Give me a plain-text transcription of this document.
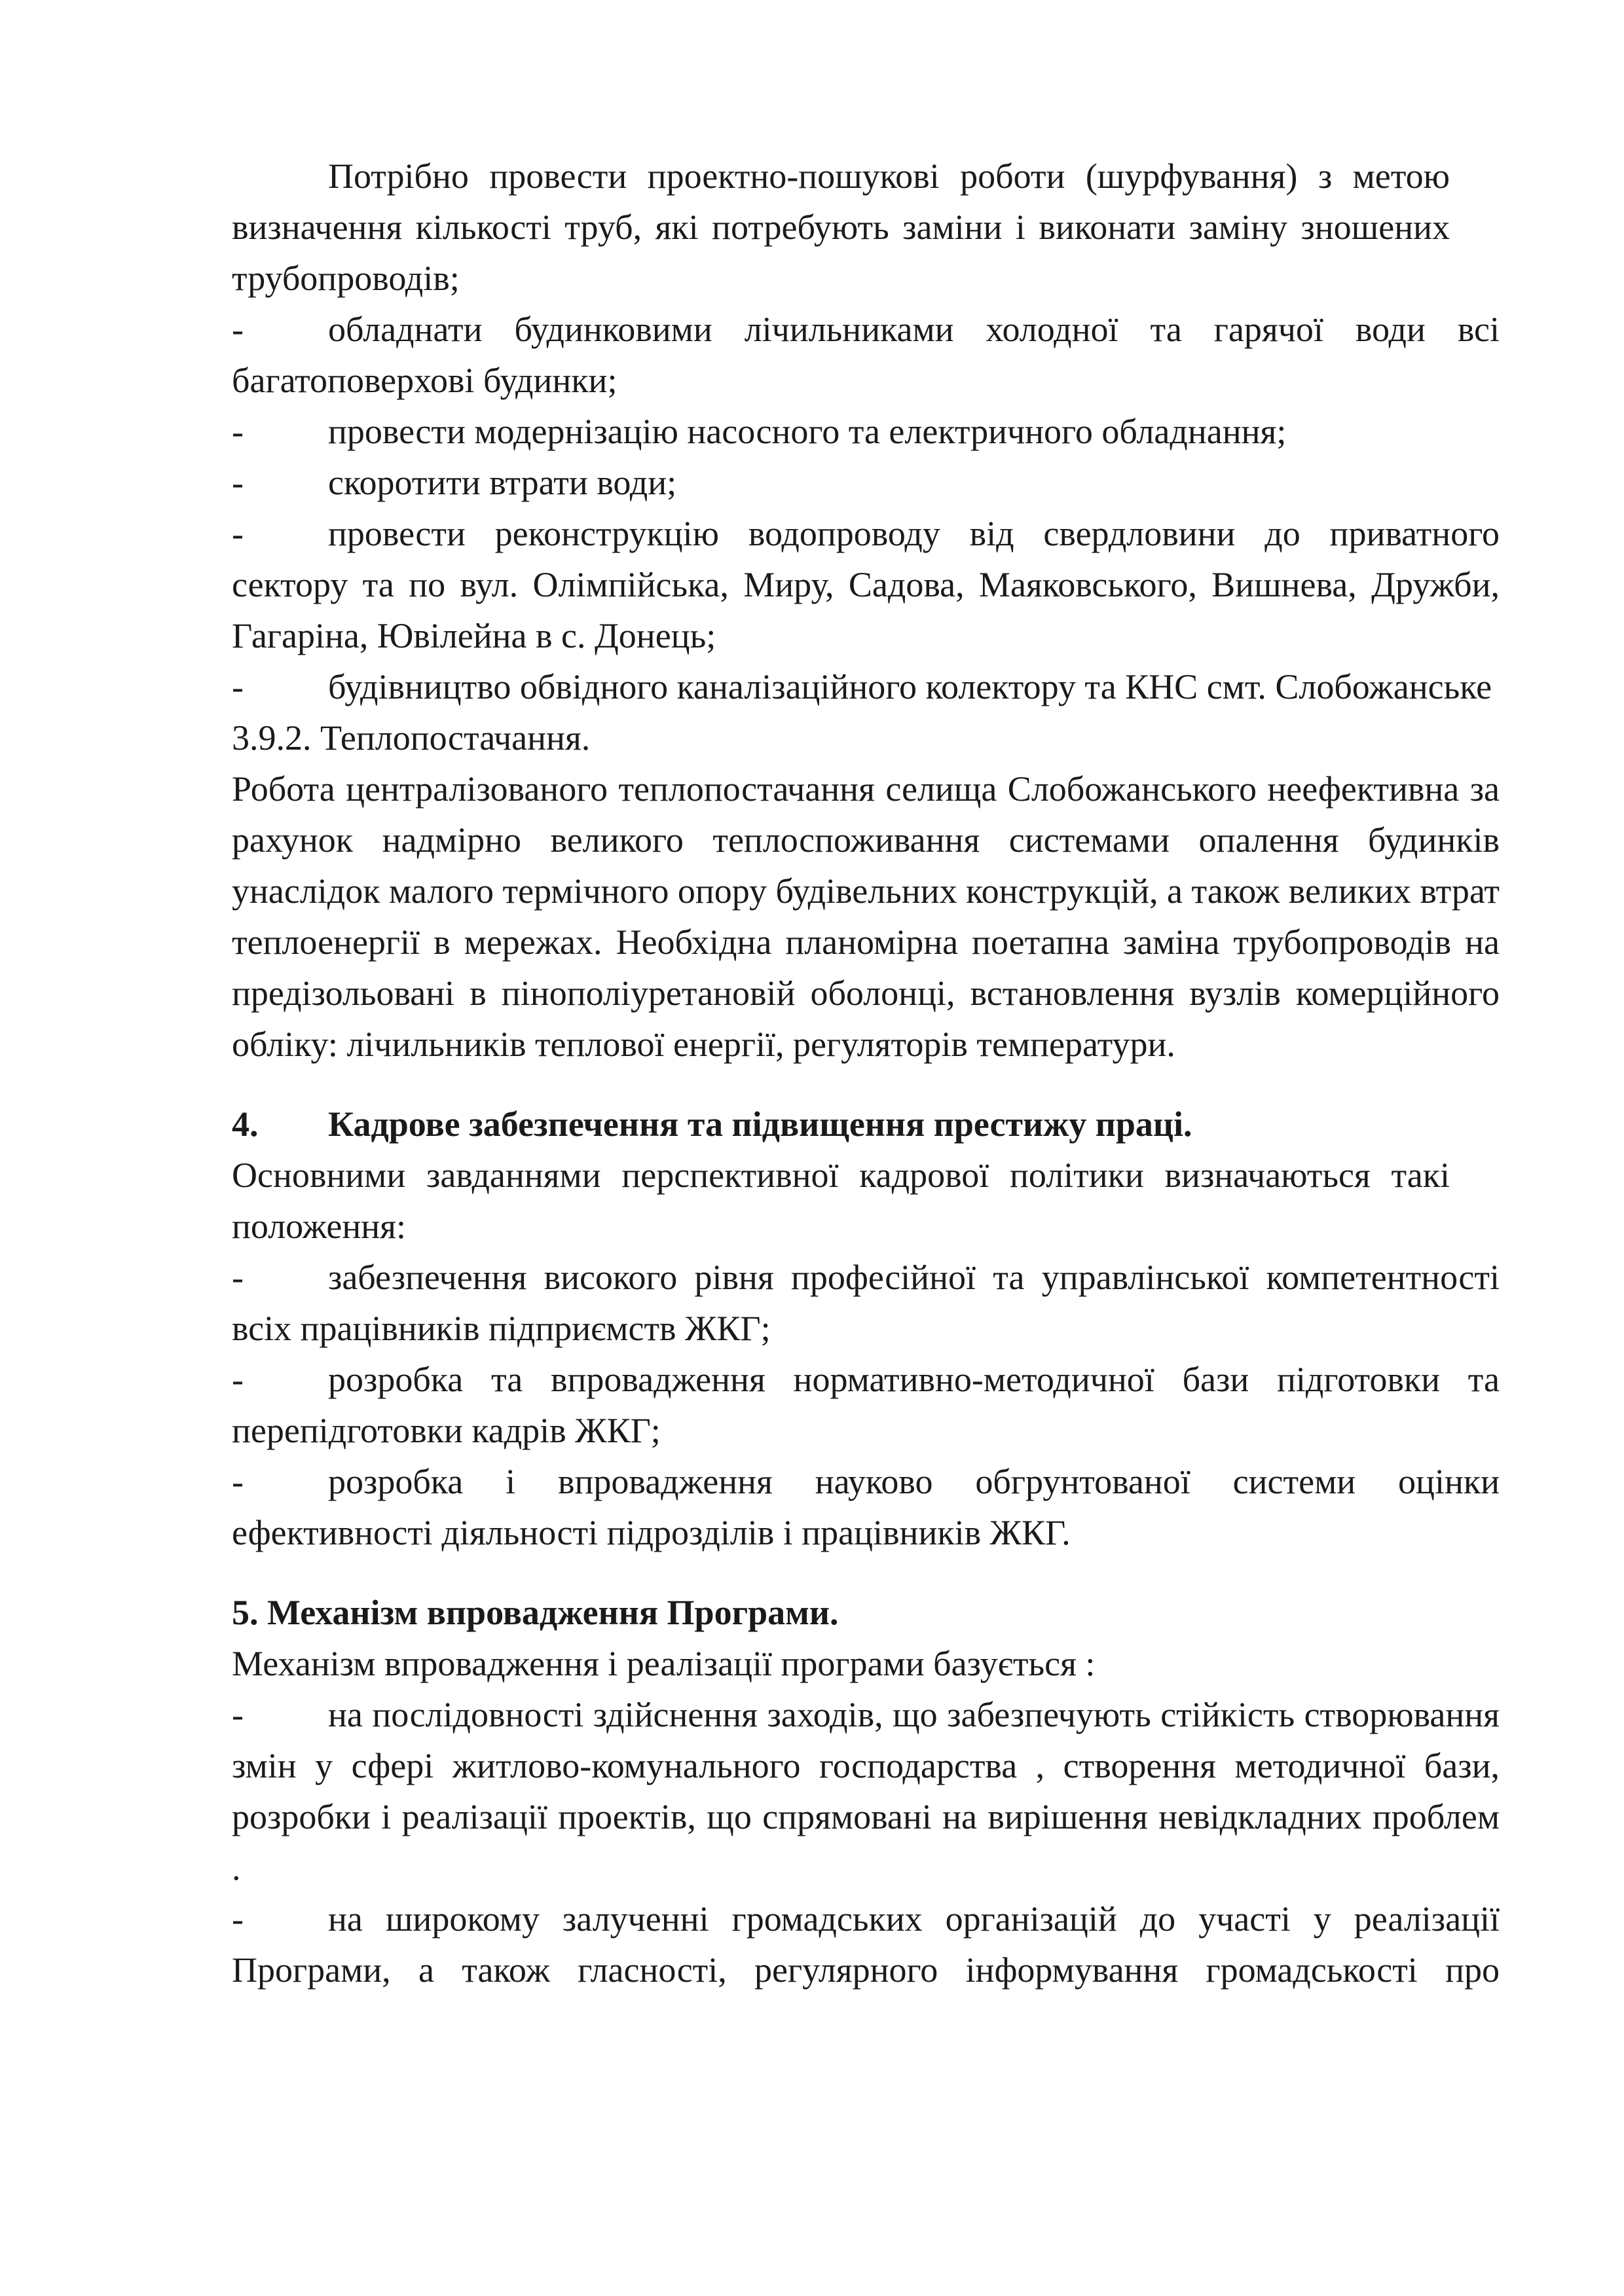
Потрібно провести проектно-пошукові роботи (шурфування) з метою визначення кількості труб, які потребують заміни і виконати заміну зношених трубопроводів;

- обладнати будинковими лічильниками холодної та гарячої води всі багатоповерхові будинки;

-	провести модернізацію насосного та електричного обладнання;

-	скоротити втрати води;

- провести реконструкцію водопроводу від свердловини до приватного сектору та по вул. Олімпійська, Миру, Садова, Маяковського, Вишнева, Дружби, Гагаріна, Ювілейна в с. Донець;

- будівництво обвідного каналізаційного колектору та КНС смт. Слобожанське

3.9.2. Теплопостачання.

Робота централізованого теплопостачання селища Слобожанського неефективна за рахунок надмірно великого теплоспоживання системами опалення будинків унаслідок малого термічного опору будівельних конструкцій, а також великих втрат теплоенергії в мережах. Необхідна планомірна поетапна заміна трубопроводів на предізольовані в пінополіуретановій оболонці, встановлення вузлів комерційного обліку: лічильників теплової енергії, регуляторів температури.

4. Кадрове забезпечення та підвищення престижу праці.

Основними завданнями перспективної кадрової політики визначаються такі положення:

- забезпечення високого рівня професійної та управлінської компетентності всіх працівників підприємств ЖКГ;

- розробка та впровадження нормативно-методичної бази підготовки та перепідготовки кадрів ЖКГ;

- розробка і впровадження науково обгрунтованої системи оцінки ефективності діяльності підрозділів і працівників ЖКГ.

5. Механізм впровадження Програми.

Механізм впровадження і реалізації програми базується :

- на послідовності здійснення заходів, що забезпечують стійкість створювання змін у сфері житлово-комунального господарства , створення методичної бази, розробки і реалізації проектів, що спрямовані на вирішення невідкладних проблем .

- на широкому залученні громадських організацій до участі у реалізації Програми, а також гласності, регулярного інформування громадськості про
